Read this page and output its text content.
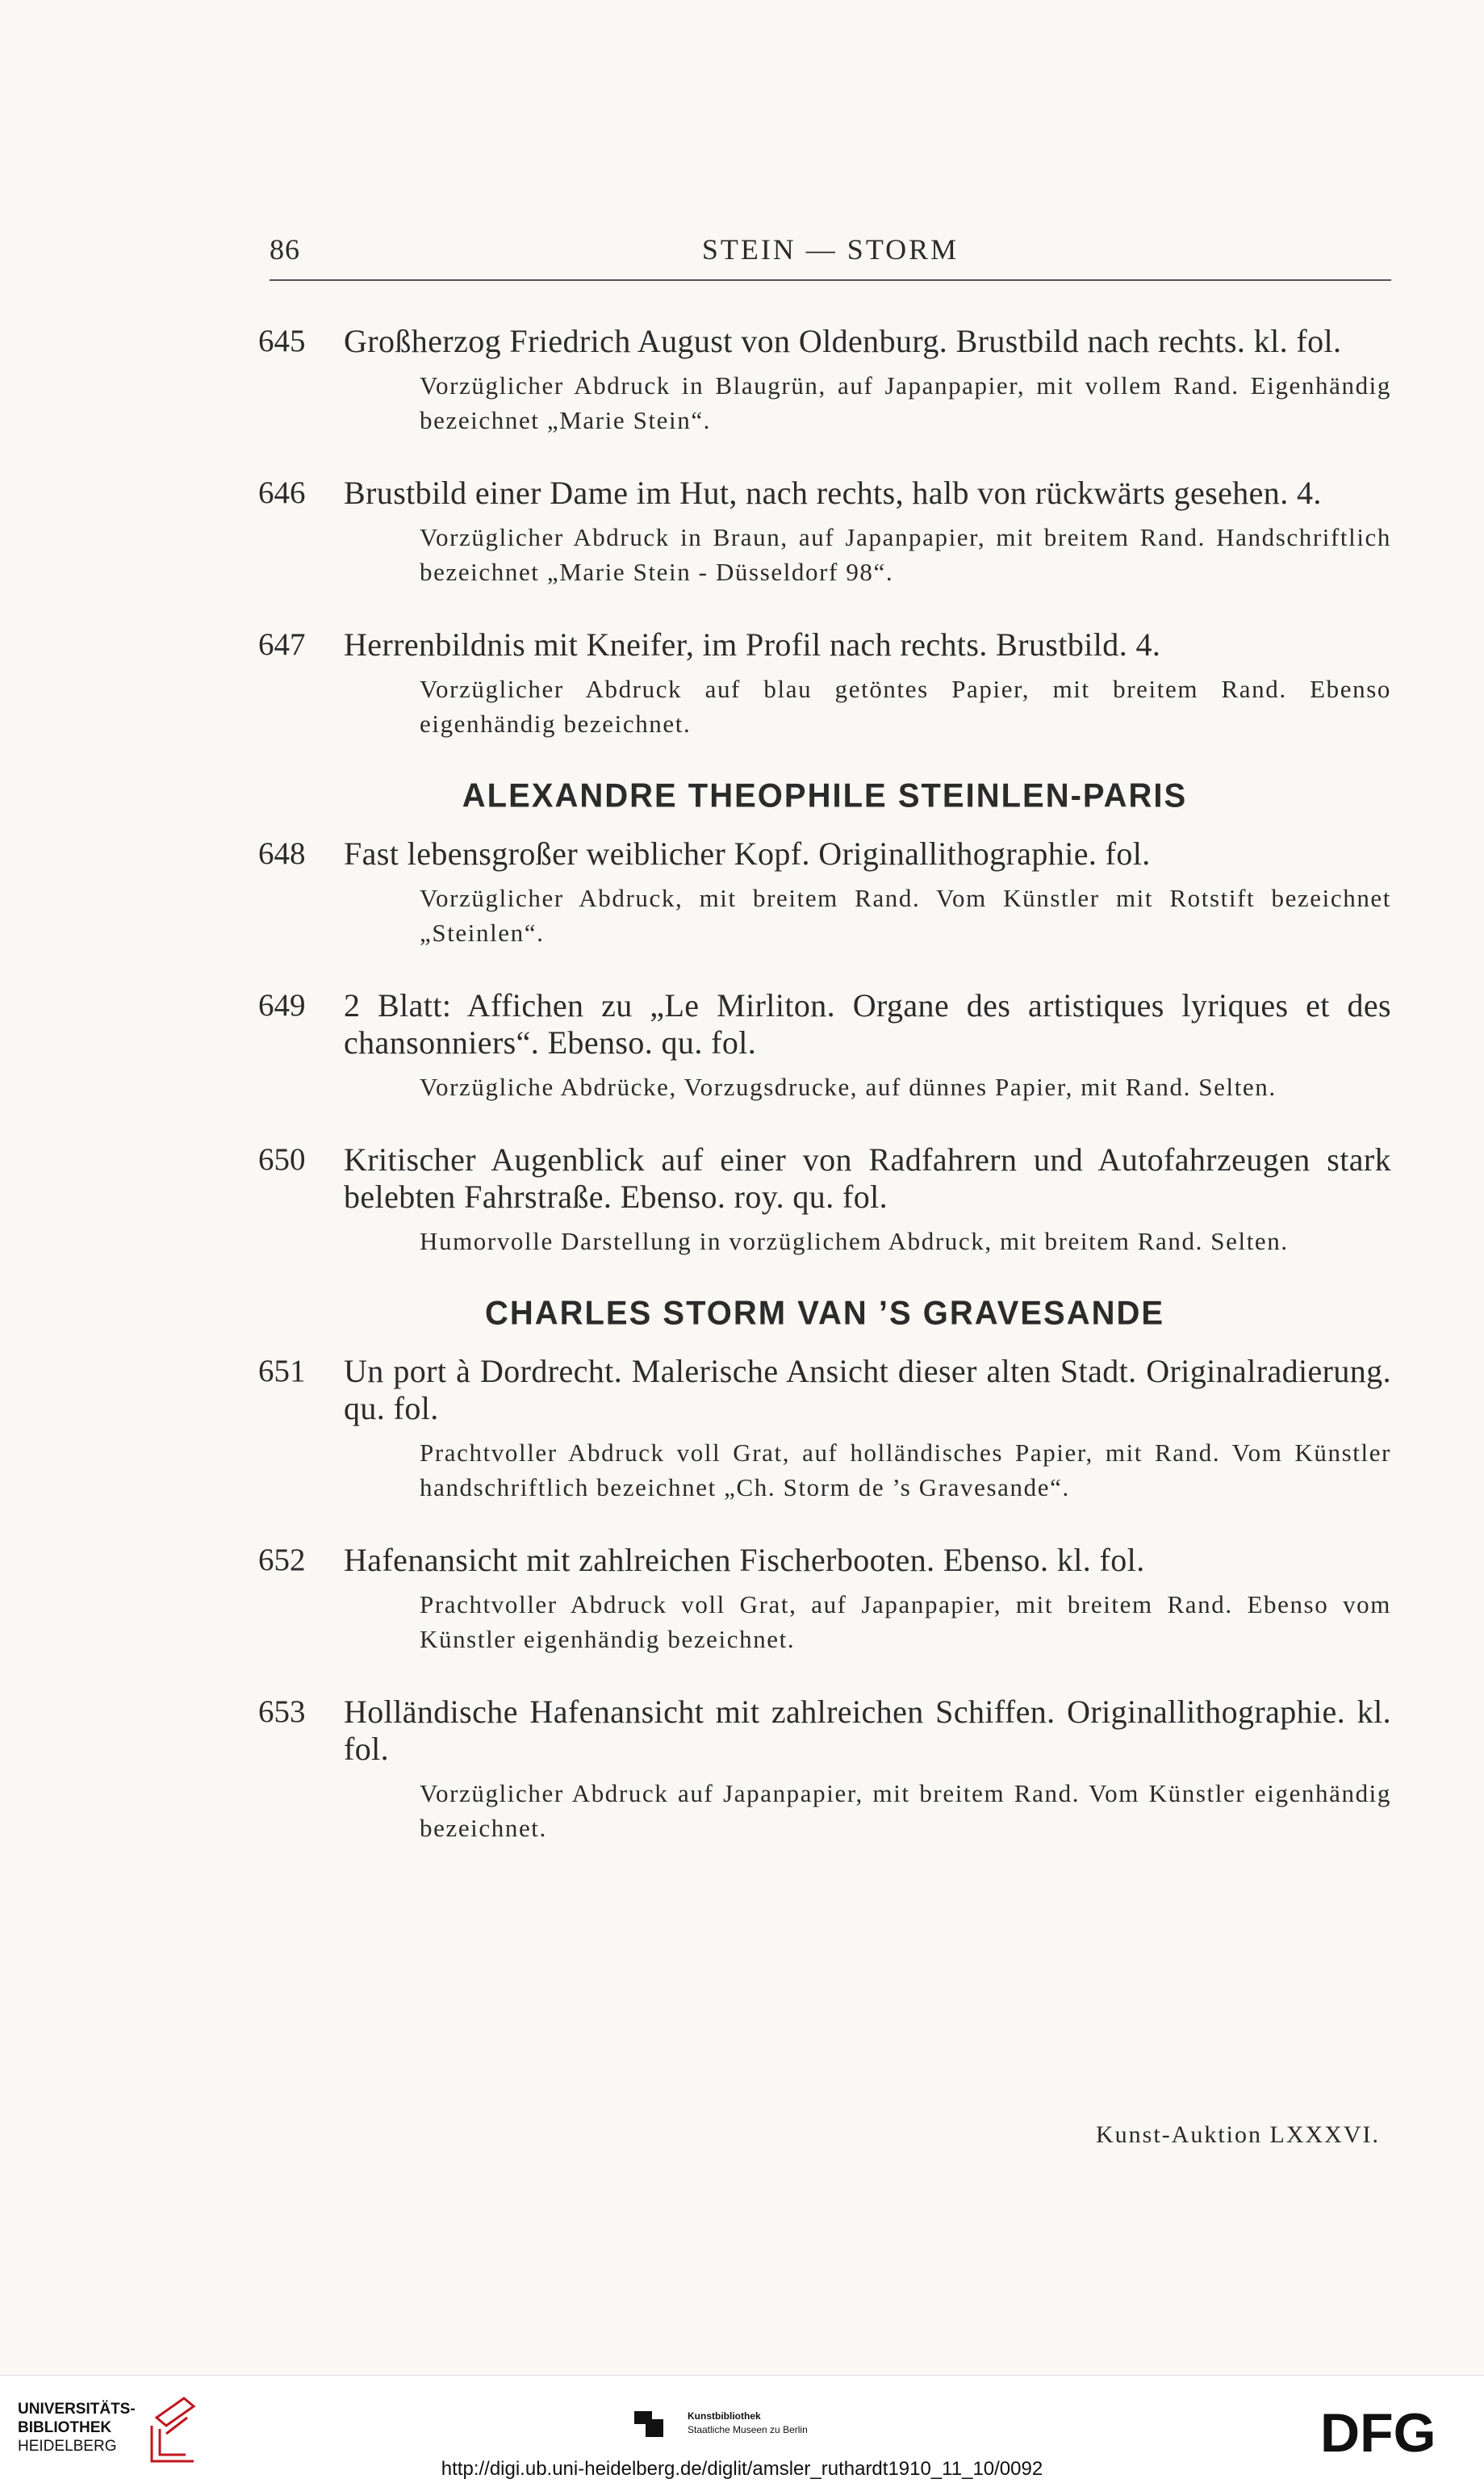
86	STEIN — STORM
645 Großherzog Friedrich August von Oldenburg. Brustbild nach rechts. kl. fol.
Vorzüglicher Abdruck in Blaugrün, auf Japanpapier, mit vollem Rand. Eigenhändig bezeichnet „Marie Stein“.
646 Brustbild einer Dame im Hut, nach rechts, halb von rückwärts gesehen. 4.
Vorzüglicher Abdruck in Braun, auf Japanpapier, mit breitem Rand. Handschriftlich bezeichnet „Marie Stein - Düsseldorf 98“.
647 Herrenbildnis mit Kneifer, im Profil nach rechts. Brustbild. 4.
Vorzüglicher Abdruck auf blau getöntes Papier, mit breitem Rand. Ebenso eigenhändig bezeichnet.
ALEXANDRE THEOPHILE STEINLEN-PARIS
648 Fast lebensgroßer weiblicher Kopf. Originallithographie. fol.
Vorzüglicher Abdruck, mit breitem Rand. Vom Künstler mit Rotstift bezeichnet „Steinlen“.
649 2 Blatt: Affichen zu „Le Mirliton. Organe des artistiques lyriques et des chansonniers“. Ebenso. qu. fol.
Vorzügliche Abdrücke, Vorzugsdrucke, auf dünnes Papier, mit Rand. Selten.
650 Kritischer Augenblick auf einer von Radfahrern und Autofahrzeugen stark belebten Fahrstraße. Ebenso. roy. qu. fol.
Humorvolle Darstellung in vorzüglichem Abdruck, mit breitem Rand. Selten.
CHARLES STORM VAN ’S GRAVESANDE
651 Un port à Dordrecht. Malerische Ansicht dieser alten Stadt. Originalradierung. qu. fol.
Prachtvoller Abdruck voll Grat, auf holländisches Papier, mit Rand. Vom Künstler handschriftlich bezeichnet „Ch. Storm de ’s Gravesande“.
652 Hafenansicht mit zahlreichen Fischerbooten. Ebenso. kl. fol.
Prachtvoller Abdruck voll Grat, auf Japanpapier, mit breitem Rand. Ebenso vom Künstler eigenhändig bezeichnet.
653 Holländische Hafenansicht mit zahlreichen Schiffen. Originallithographie. kl. fol.
Vorzüglicher Abdruck auf Japanpapier, mit breitem Rand. Vom Künstler eigenhändig bezeichnet.
Kunst-Auktion LXXXVI.
UNIVERSITÄTS-
BIBLIOTHEK
HEIDELBERG
Kunstbibliothek
Staatliche Museen zu Berlin	DFG
http://digi.ub.uni-heidelberg.de/diglit/amsler_ruthardt1910_11_10/0092
